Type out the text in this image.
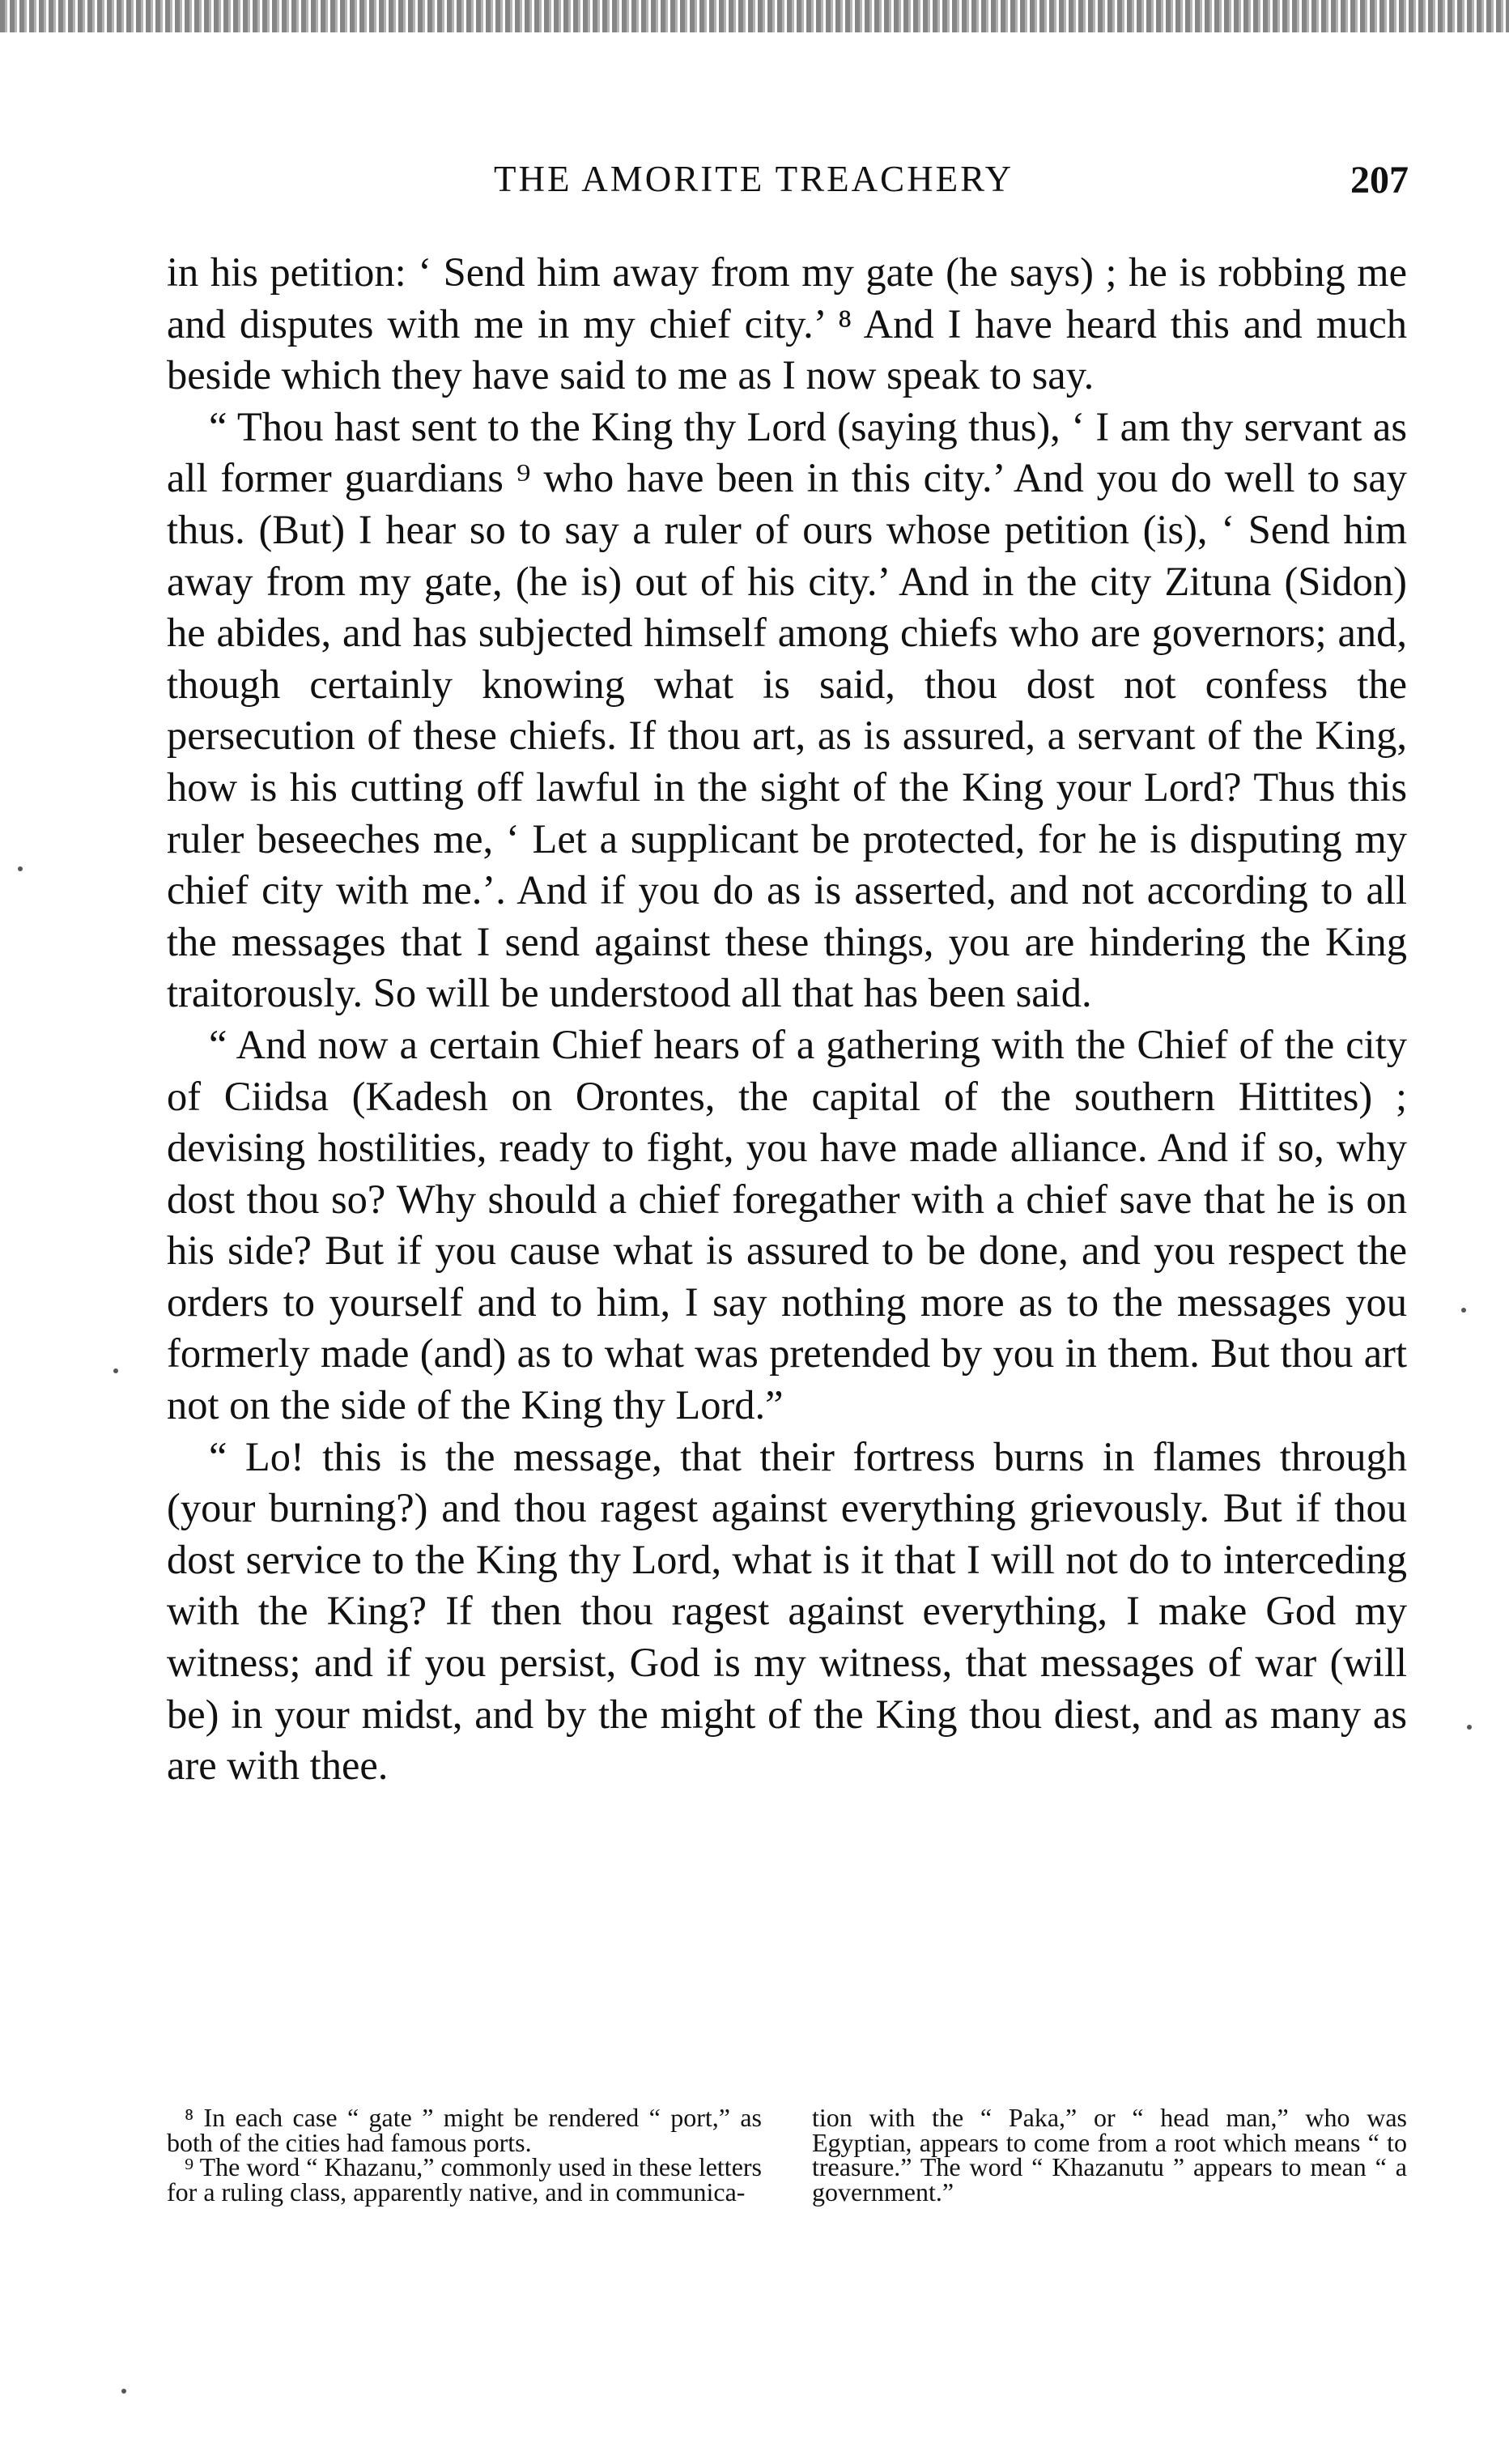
THE AMORITE TREACHERY	207

in his petition: ‘ Send him away from my gate (he says) ; he is robbing me and disputes with me in my chief city.’ ⁸ And I have heard this and much beside which they have said to me as I now speak to say.

“ Thou hast sent to the King thy Lord (saying thus), ‘ I am thy servant as all former guardians ⁹ who have been in this city.’ And you do well to say thus. (But) I hear so to say a ruler of ours whose petition (is), ‘ Send him away from my gate, (he is) out of his city.’ And in the city Zituna (Sidon) he abides, and has subjected himself among chiefs who are governors; and, though certainly knowing what is said, thou dost not confess the persecution of these chiefs. If thou art, as is assured, a servant of the King, how is his cutting off lawful in the sight of the King your Lord? Thus this ruler beseeches me, ‘ Let a supplicant be protected, for he is disputing my chief city with me.’. And if you do as is asserted, and not according to all the messages that I send against these things, you are hindering the King traitorously. So will be understood all that has been said.

“ And now a certain Chief hears of a gathering with the Chief of the city of Ciidsa (Kadesh on Orontes, the capital of the southern Hittites) ; devising hostilities, ready to fight, you have made alliance. And if so, why dost thou so? Why should a chief foregather with a chief save that he is on his side? But if you cause what is assured to be done, and you respect the orders to yourself and to him, I say nothing more as to the messages you formerly made (and) as to what was pretended by you in them. But thou art not on the side of the King thy Lord.”

“ Lo! this is the message, that their fortress burns in flames through (your burning?) and thou ragest against everything grievously. But if thou dost service to the King thy Lord, what is it that I will not do to interceding with the King? If then thou ragest against everything, I make God my witness; and if you persist, God is my witness, that messages of war (will be) in your midst, and by the might of the King thou diest, and as many as are with thee.

⁸ In each case “ gate ” might be rendered “ port,” as both of the cities had famous ports.

⁹ The word “ Khazanu,” commonly used in these letters for a ruling class, apparently native, and in communica-

tion with the “ Paka,” or “ head man,” who was Egyptian, appears to come from a root which means “ to treasure.” The word “ Khazanutu ” appears to mean “ a government.”
